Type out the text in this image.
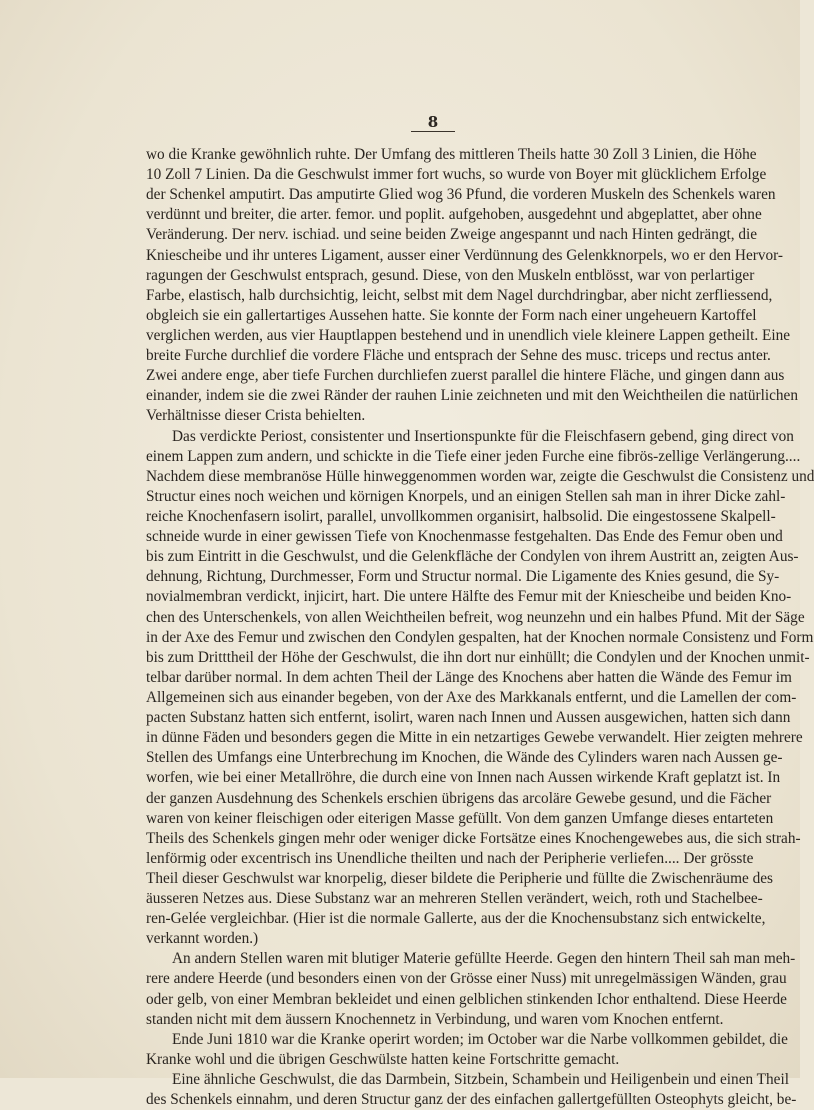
8
wo die Kranke gewöhnlich ruhte. Der Umfang des mittleren Theils hatte 30 Zoll 3 Linien, die Höhe
10 Zoll 7 Linien. Da die Geschwulst immer fort wuchs, so wurde von Boyer mit glücklichem Erfolge
der Schenkel amputirt. Das amputirte Glied wog 36 Pfund, die vorderen Muskeln des Schenkels waren
verdünnt und breiter, die arter. femor. und poplit. aufgehoben, ausgedehnt und abgeplattet, aber ohne
Veränderung. Der nerv. ischiad. und seine beiden Zweige angespannt und nach Hinten gedrängt, die
Kniescheibe und ihr unteres Ligament, ausser einer Verdünnung des Gelenkknorpels, wo er den Hervor-
ragungen der Geschwulst entsprach, gesund. Diese, von den Muskeln entblösst, war von perlartiger
Farbe, elastisch, halb durchsichtig, leicht, selbst mit dem Nagel durchdringbar, aber nicht zerfliessend,
obgleich sie ein gallertartiges Aussehen hatte. Sie konnte der Form nach einer ungeheuern Kartoffel
verglichen werden, aus vier Hauptlappen bestehend und in unendlich viele kleinere Lappen getheilt. Eine
breite Furche durchlief die vordere Fläche und entsprach der Sehne des musc. triceps und rectus anter.
Zwei andere enge, aber tiefe Furchen durchliefen zuerst parallel die hintere Fläche, und gingen dann aus
einander, indem sie die zwei Ränder der rauhen Linie zeichneten und mit den Weichtheilen die natürlichen
Verhältnisse dieser Crista behielten.
Das verdickte Periost, consistenter und Insertionspunkte für die Fleischfasern gebend, ging direct von
einem Lappen zum andern, und schickte in die Tiefe einer jeden Furche eine fibrös-zellige Verlängerung....
Nachdem diese membranöse Hülle hinweggenommen worden war, zeigte die Geschwulst die Consistenz und
Structur eines noch weichen und körnigen Knorpels, und an einigen Stellen sah man in ihrer Dicke zahl-
reiche Knochenfasern isolirt, parallel, unvollkommen organisirt, halbsolid. Die eingestossene Skalpell-
schneide wurde in einer gewissen Tiefe von Knochenmasse festgehalten. Das Ende des Femur oben und
bis zum Eintritt in die Geschwulst, und die Gelenkfläche der Condylen von ihrem Austritt an, zeigten Aus-
dehnung, Richtung, Durchmesser, Form und Structur normal. Die Ligamente des Knies gesund, die Sy-
novialmembran verdickt, injicirt, hart. Die untere Hälfte des Femur mit der Kniescheibe und beiden Kno-
chen des Unterschenkels, von allen Weichtheilen befreit, wog neunzehn und ein halbes Pfund. Mit der Säge
in der Axe des Femur und zwischen den Condylen gespalten, hat der Knochen normale Consistenz und Form
bis zum Dritttheil der Höhe der Geschwulst, die ihn dort nur einhüllt; die Condylen und der Knochen unmit-
telbar darüber normal. In dem achten Theil der Länge des Knochens aber hatten die Wände des Femur im
Allgemeinen sich aus einander begeben, von der Axe des Markkanals entfernt, und die Lamellen der com-
pacten Substanz hatten sich entfernt, isolirt, waren nach Innen und Aussen ausgewichen, hatten sich dann
in dünne Fäden und besonders gegen die Mitte in ein netzartiges Gewebe verwandelt. Hier zeigten mehrere
Stellen des Umfangs eine Unterbrechung im Knochen, die Wände des Cylinders waren nach Aussen ge-
worfen, wie bei einer Metallröhre, die durch eine von Innen nach Aussen wirkende Kraft geplatzt ist. In
der ganzen Ausdehnung des Schenkels erschien übrigens das arcoläre Gewebe gesund, und die Fächer
waren von keiner fleischigen oder eiterigen Masse gefüllt. Von dem ganzen Umfange dieses entarteten
Theils des Schenkels gingen mehr oder weniger dicke Fortsätze eines Knochengewebes aus, die sich strah-
lenförmig oder excentrisch ins Unendliche theilten und nach der Peripherie verliefen.... Der grösste
Theil dieser Geschwulst war knorpelig, dieser bildete die Peripherie und füllte die Zwischenräume des
äusseren Netzes aus. Diese Substanz war an mehreren Stellen verändert, weich, roth und Stachelbee-
ren-Gelée vergleichbar. (Hier ist die normale Gallerte, aus der die Knochensubstanz sich entwickelte,
verkannt worden.)
An andern Stellen waren mit blutiger Materie gefüllte Heerde. Gegen den hintern Theil sah man meh-
rere andere Heerde (und besonders einen von der Grösse einer Nuss) mit unregelmässigen Wänden, grau
oder gelb, von einer Membran bekleidet und einen gelblichen stinkenden Ichor enthaltend. Diese Heerde
standen nicht mit dem äussern Knochennetz in Verbindung, und waren vom Knochen entfernt.
Ende Juni 1810 war die Kranke operirt worden; im October war die Narbe vollkommen gebildet, die
Kranke wohl und die übrigen Geschwülste hatten keine Fortschritte gemacht.
Eine ähnliche Geschwulst, die das Darmbein, Sitzbein, Schambein und Heiligenbein und einen Theil
des Schenkels einnahm, und deren Structur ganz der des einfachen gallertgefüllten Osteophyts gleicht, be-
